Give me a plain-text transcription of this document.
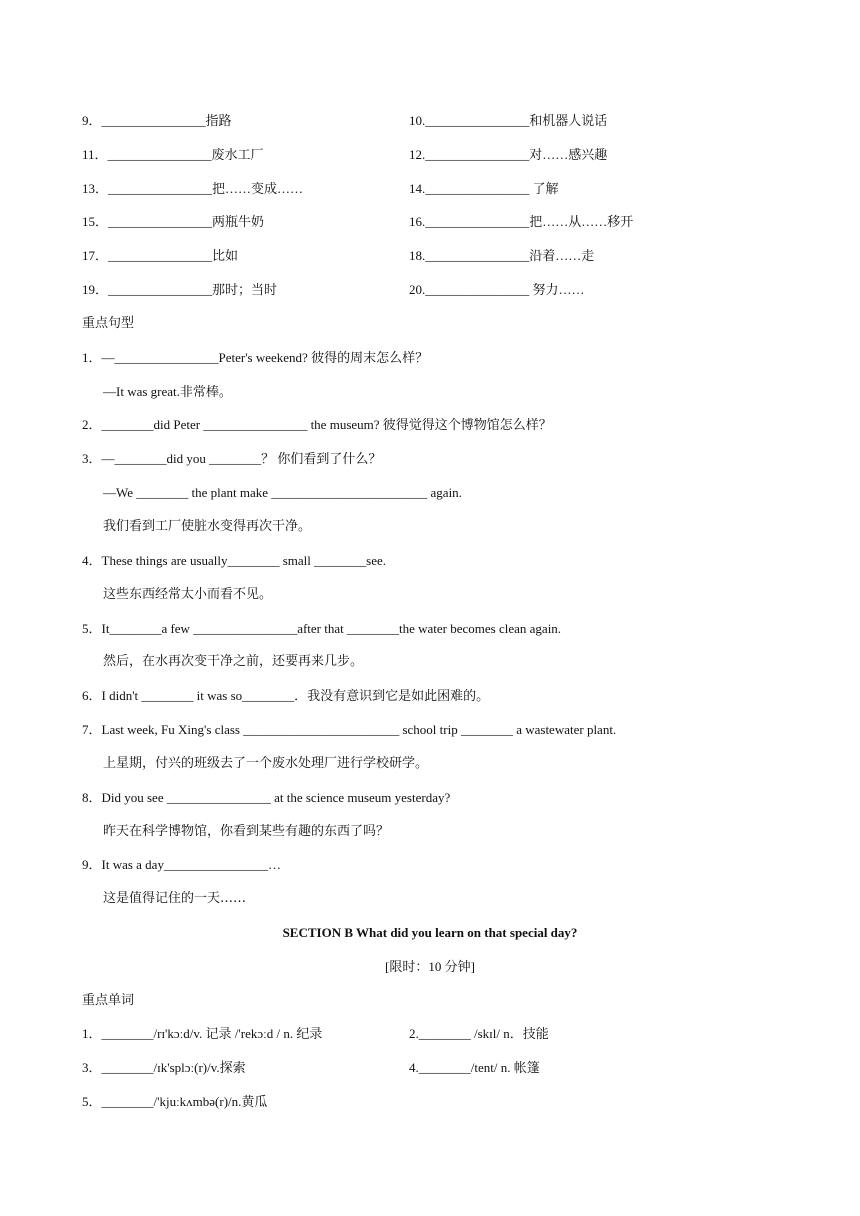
9．________________指路	10.________________和机器人说话
11．________________废水工厂	12.________________对……感兴趣
13．________________把……变成……	14.________________ 了解
15．________________两瓶牛奶	16.________________把……从……移开
17．________________比如	18.________________沿着……走
19．________________那时；当时	20.________________ 努力……
重点句型
1．—________________Peter's weekend? 彼得的周末怎么样？
—It was great.非常棒。
2．________did Peter ________________ the museum? 彼得觉得这个博物馆怎么样？
3．—________did you ________？ 你们看到了什么？
—We ________ the plant make ________________________ again.
我们看到工厂使脏水变得再次干净。
4．These things are usually________ small ________see.
这些东西经常太小而看不见。
5．It________a few ________________after that ________the water becomes clean again.
然后，在水再次变干净之前，还要再来几步。
6．I didn't ________ it was so________．我没有意识到它是如此困难的。
7．Last week, Fu Xing's class ________________________ school trip ________ a wastewater plant.
上星期，付兴的班级去了一个废水处理厂进行学校研学。
8．Did you see ________________ at the science museum yesterday?
昨天在科学博物馆，你看到某些有趣的东西了吗？
9．It was a day________________…
这是值得记住的一天……
SECTION B What did you learn on that special day?
[限时：10 分钟]
重点单词
1．________/rɪ'kɔːd/v. 记录 /'rekɔːd / n. 纪录	2.________ /skɪl/ n．技能
3．________/ɪk'splɔː(r)/v.探索	4.________/tent/ n. 帐篷
5．________/'kjuːkʌmbə(r)/n.黄瓜
